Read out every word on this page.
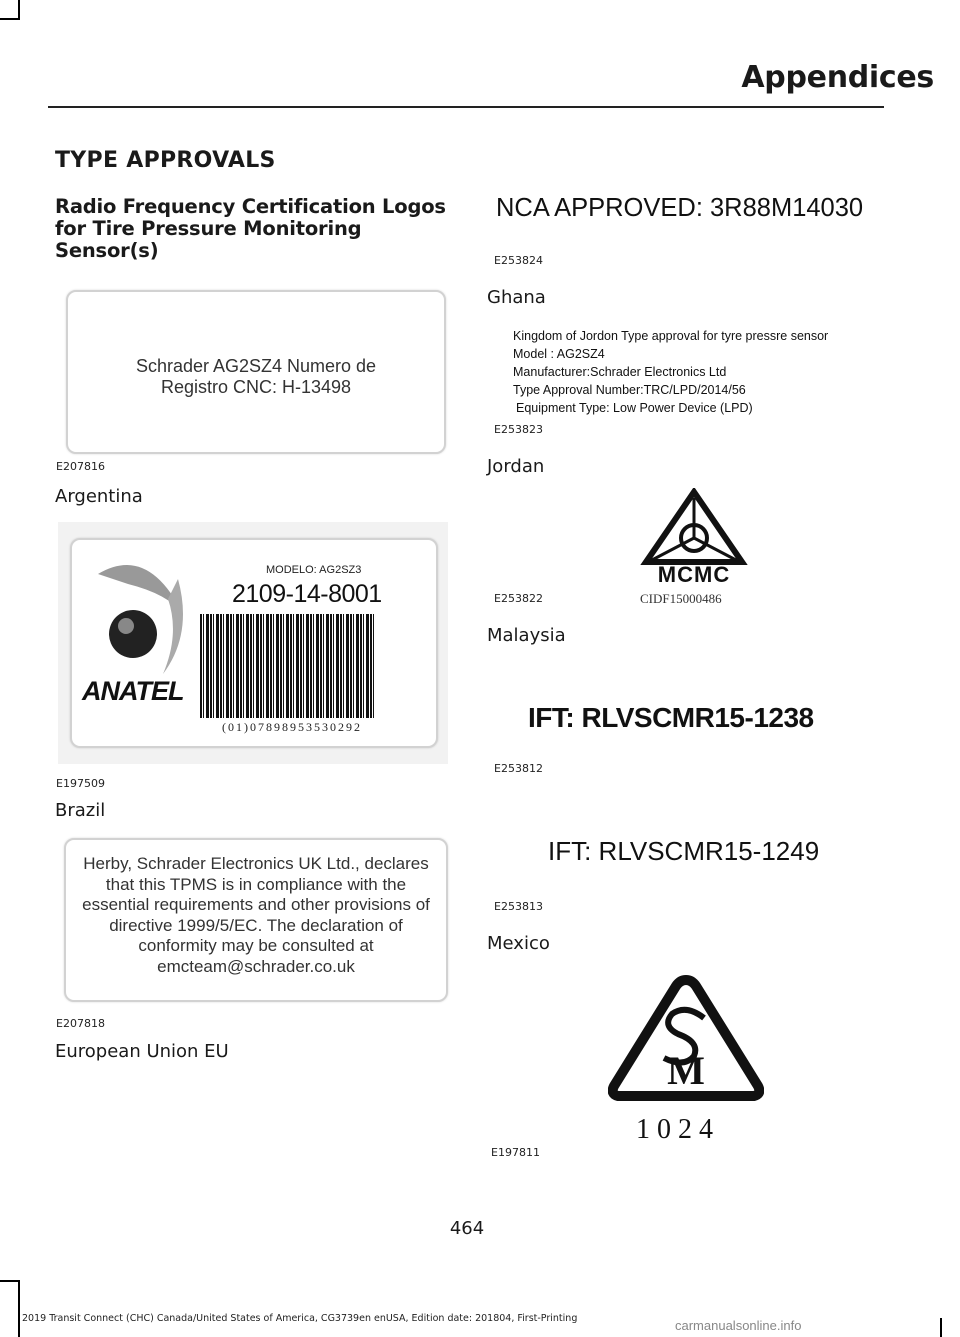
Appendices
TYPE APPROVALS
Radio Frequency Certification Logos for Tire Pressure Monitoring Sensor(s)
Schrader AG2SZ4 Numero de Registro CNC: H-13498
E207816
Argentina
ANATEL
MODELO: AG2SZ3
2109-14-8001
(01)07898953530292
E197509
Brazil
Herby, Schrader Electronics UK Ltd., declares that this TPMS is in compliance with the essential requirements and other provisions of directive 1999/5/EC. The declaration of conformity may be consulted at emcteam@schrader.co.uk
E207818
European Union EU
NCA APPROVED: 3R88M14030
E253824
Ghana
Kingdom of Jordon Type approval for tyre pressre sensor
Model : AG2SZ4
Manufacturer:Schrader Electronics Ltd
Type Approval Number:TRC/LPD/2014/56
Equipment Type: Low Power Device (LPD)
E253823
Jordan
MCMC
CIDF15000486
E253822
Malaysia
IFT: RLVSCMR15-1238
E253812
IFT: RLVSCMR15-1249
E253813
Mexico
M
1 0 2 4
E197811
464
2019 Transit Connect (CHC) Canada/United States of America, CG3739en enUSA, Edition date: 201804, First-Printing	carmanualsonline.info
